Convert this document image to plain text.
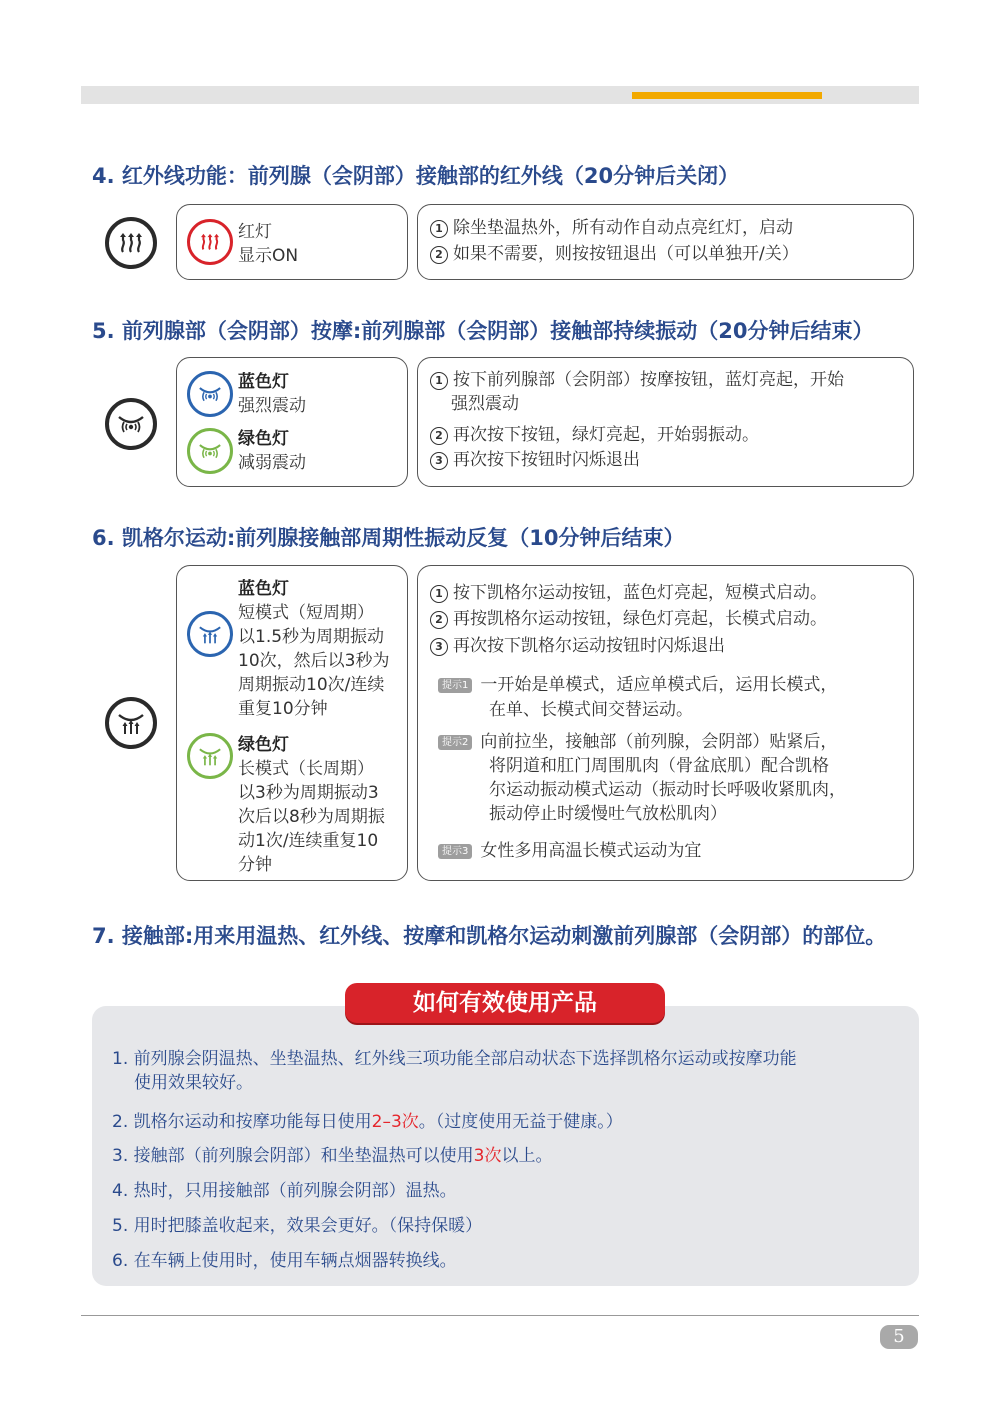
4. 红外线功能：前列腺（会阴部）接触部的红外线（20分钟后关闭）
红灯
显示ON
1 除坐垫温热外，所有动作自动点亮红灯，启动
2 如果不需要，则按按钮退出（可以单独开/关）
5. 前列腺部（会阴部）按摩:前列腺部（会阴部）接触部持续振动（20分钟后结束）
蓝色灯
强烈震动
绿色灯
减弱震动
1 按下前列腺部（会阴部）按摩按钮，蓝灯亮起，开始
强烈震动
2 再次按下按钮，绿灯亮起，开始弱振动。
3 再次按下按钮时闪烁退出
6. 凯格尔运动:前列腺接触部周期性振动反复（10分钟后结束）
蓝色灯
短模式（短周期）
以1.5秒为周期振动
10次，然后以3秒为
周期振动10次/连续
重复10分钟
绿色灯
长模式（长周期）
以3秒为周期振动3
次后以8秒为周期振
动1次/连续重复10
分钟
1 按下凯格尔运动按钮，蓝色灯亮起，短模式启动。
2 再按凯格尔运动按钮，绿色灯亮起，长模式启动。
3 再次按下凯格尔运动按钮时闪烁退出
提示1 一开始是单模式，适应单模式后，运用长模式，
在单、长模式间交替运动。
提示2 向前拉坐，接触部（前列腺，会阴部）贴紧后，
将阴道和肛门周围肌肉（骨盆底肌）配合凯格
尔运动振动模式运动（振动时长呼吸收紧肌肉，
振动停止时缓慢吐气放松肌肉）
提示3 女性多用高温长模式运动为宜
7. 接触部:用来用温热、红外线、按摩和凯格尔运动刺激前列腺部（会阴部）的部位。
如何有效使用产品
1. 前列腺会阴温热、坐垫温热、红外线三项功能全部启动状态下选择凯格尔运动或按摩功能
使用效果较好。
2. 凯格尔运动和按摩功能每日使用2–3次。（过度使用无益于健康。）
3. 接触部（前列腺会阴部）和坐垫温热可以使用3次以上。
4. 热时，只用接触部（前列腺会阴部）温热。
5. 用时把膝盖收起来，效果会更好。（保持保暖）
6. 在车辆上使用时，使用车辆点烟器转换线。
5
